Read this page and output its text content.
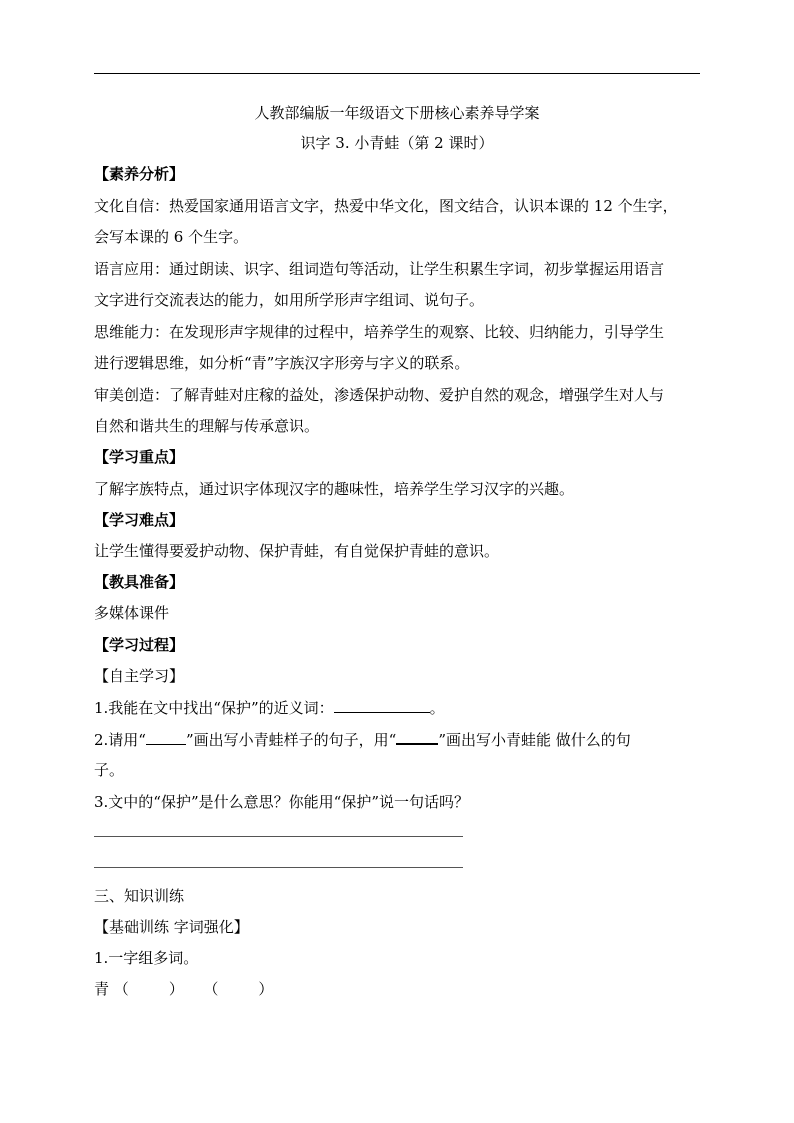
人教部编版一年级语文下册核心素养导学案
识字 3. 小青蛙（第 2 课时）
【素养分析】
文化自信：热爱国家通用语言文字，热爱中华文化，图文结合，认识本课的 12 个生字，
会写本课的 6 个生字。
语言应用：通过朗读、识字、组词造句等活动，让学生积累生字词，初步掌握运用语言
文字进行交流表达的能力，如用所学形声字组词、说句子。
思维能力：在发现形声字规律的过程中，培养学生的观察、比较、归纳能力，引导学生
进行逻辑思维，如分析“青”字族汉字形旁与字义的联系。
审美创造：了解青蛙对庄稼的益处，渗透保护动物、爱护自然的观念，增强学生对人与
自然和谐共生的理解与传承意识。
【学习重点】
了解字族特点，通过识字体现汉字的趣味性，培养学生学习汉字的兴趣。
【学习难点】
让学生懂得要爱护动物、保护青蛙，有自觉保护青蛙的意识。
【教具准备】
多媒体课件
【学习过程】
【自主学习】
1.我能在文中找出“保护”的近义词：	。
2.请用“	”画出写小青蛙样子的句子，用“	”画出写小青蛙能 做什么的句
子。
3.文中的“保护”是什么意思？你能用“保护”说一句话吗？
三、知识训练
【基础训练 字词强化】
1.一字组多词。
青 （	） （	）
